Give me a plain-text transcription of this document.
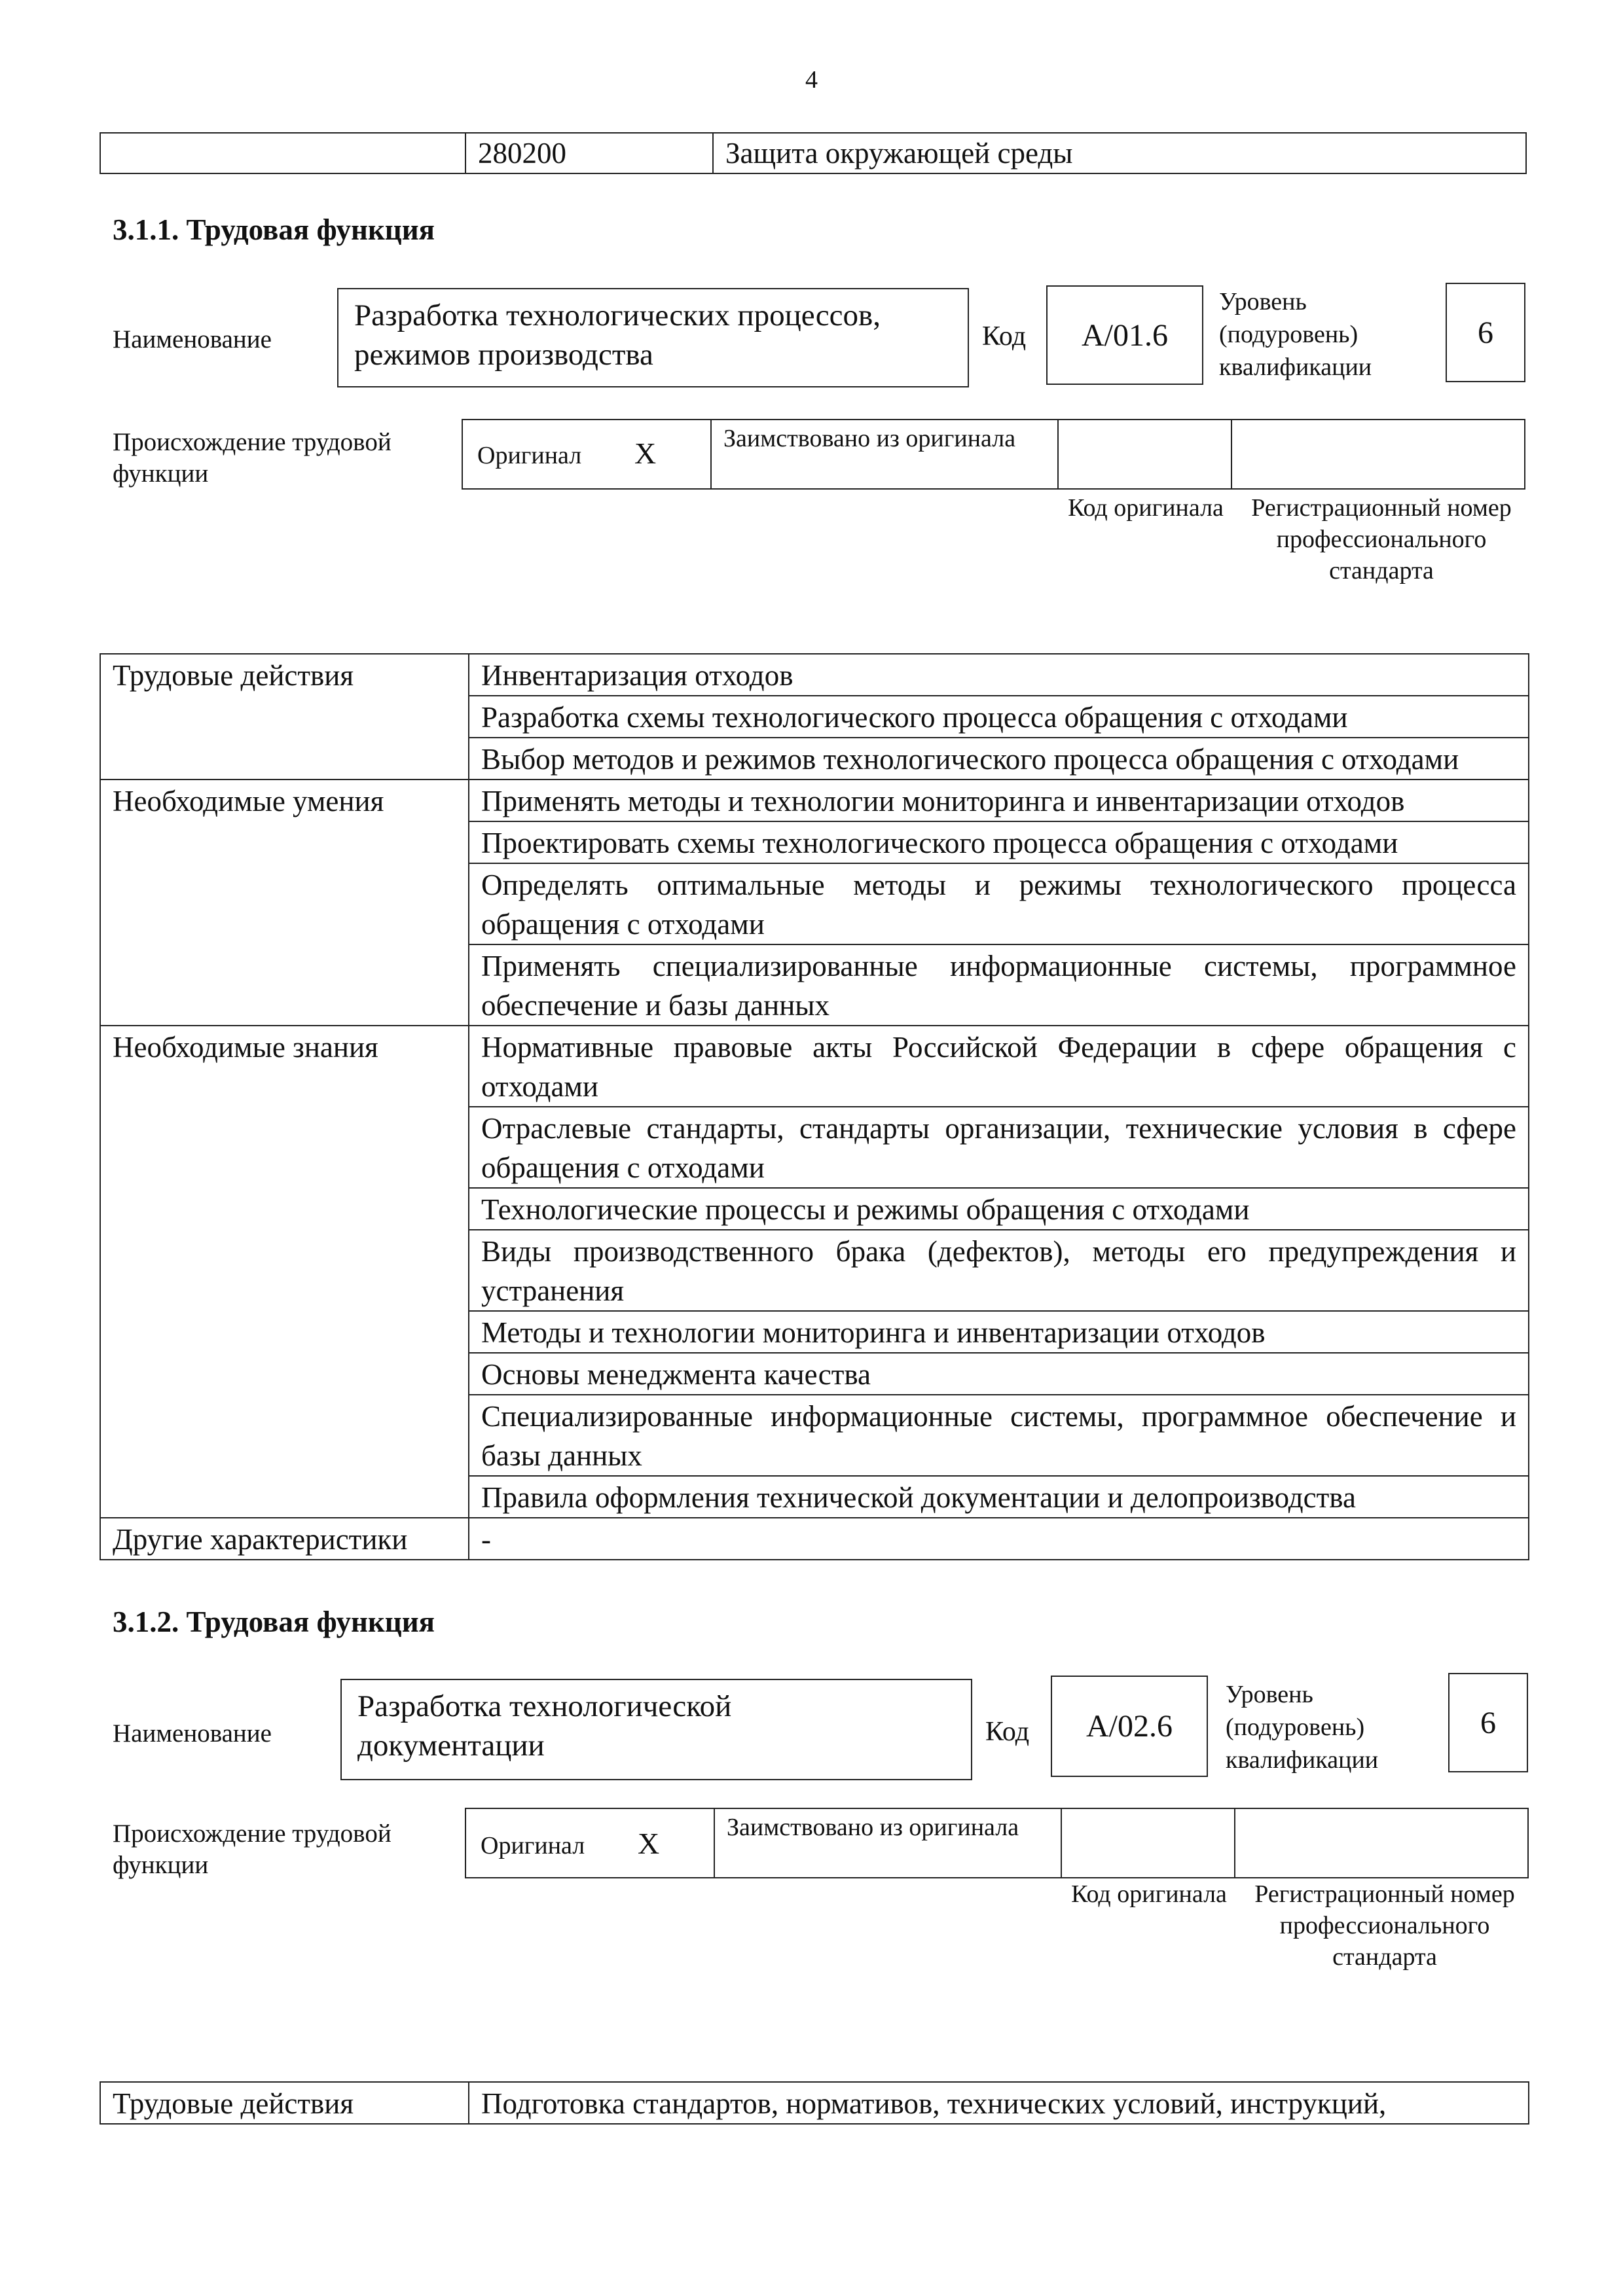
4
	280200	Защита окружающей среды
3.1.1. Трудовая функция
Наименование
Разработка технологических процессов, режимов производства
Код	А/01.6
Уровень (подуровень) квалификации
6
Происхождение трудовой функции
Оригинал X	Заимствовано из оригинала
Код оригинала	Регистрационный номер профессионального стандарта
Трудовые действия	Инвентаризация отходов
	Разработка схемы технологического процесса обращения с отходами
	Выбор методов и режимов технологического процесса обращения с отходами
Необходимые умения	Применять методы и технологии мониторинга и инвентаризации отходов
	Проектировать схемы технологического процесса обращения с отходами
	Определять оптимальные методы и режимы технологического процесса обращения с отходами
	Применять специализированные информационные системы, программное обеспечение и базы данных
Необходимые знания	Нормативные правовые акты Российской Федерации в сфере обращения с отходами
	Отраслевые стандарты, стандарты организации, технические условия в сфере обращения с отходами
	Технологические процессы и режимы обращения с отходами
	Виды производственного брака (дефектов), методы его предупреждения и устранения
	Методы и технологии мониторинга и инвентаризации отходов
	Основы менеджмента качества
	Специализированные информационные системы, программное обеспечение и базы данных
	Правила оформления технической документации и делопроизводства
Другие характеристики	-
3.1.2. Трудовая функция
Наименование
Разработка технологической документации	Код	А/02.6
Уровень (подуровень) квалификации
6
Происхождение трудовой функции
Оригинал X	Заимствовано из оригинала
Код оригинала	Регистрационный номер профессионального стандарта
Трудовые действия	Подготовка стандартов, нормативов, технических условий, инструкций,
